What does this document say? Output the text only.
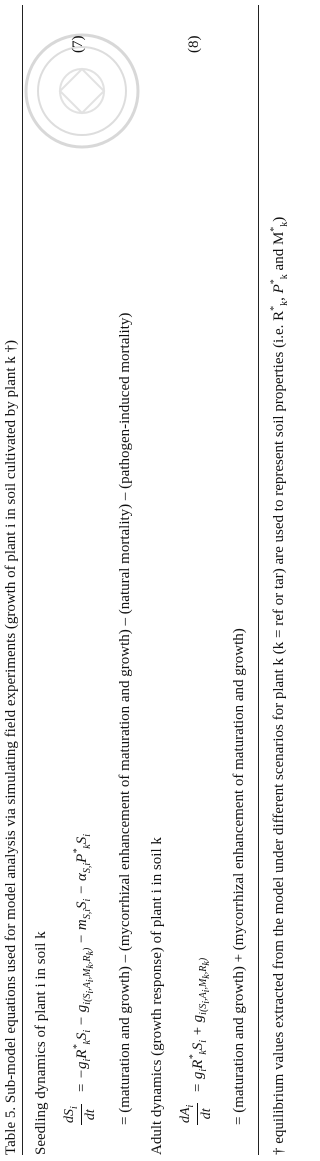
Table 5. Sub-model equations used for model analysis via simulating field experiments (growth of plant i in soil cultivated by plant k †) Seedling dynamics of plant i in soil k $dS_i$
dt
= $-g_iR^*_kS_i - g_{i(S_i,A_i,M_k,R_k)} - m_{S,i}S_i - \alpha_{S,i}P^*_kS_i$
(7)
= (maturation and growth) – (mycorrhizal enhancement of maturation and growth) – (natural mortality) – (pathogen-induced mortality) Adult dynamics (growth response) of plant i in soil k $dA_i$
dt
= $g_iR^*_kS_i + g_{i(S_i,A_i,M_k,R_k)}$
(8)
= (maturation and growth) + (mycorrhizal enhancement of maturation and growth) † equilibrium values extracted from the model under different scenarios for plant k (k = ref or tar) are used to represent soil properties (i.e. $R^*_k$, $P^*_k$ and $M^*_k$)
